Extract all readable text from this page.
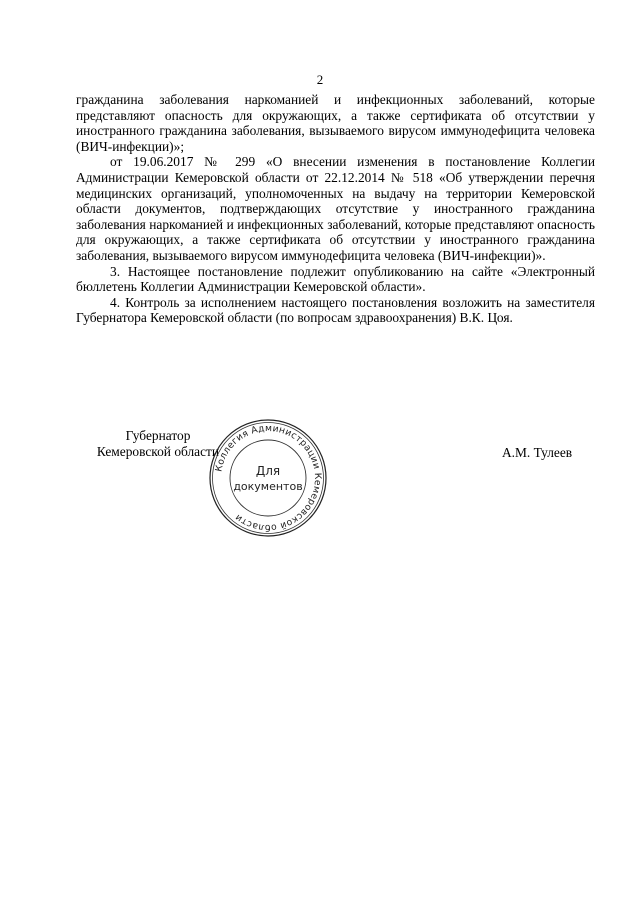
2

гражданина заболевания наркоманией и инфекционных заболеваний, которые представляют опасность для окружающих, а также сертификата об отсутствии у иностранного гражданина заболевания, вызываемого вирусом иммунодефицита человека (ВИЧ-инфекции)»;

от 19.06.2017 № 299 «О внесении изменения в постановление Коллегии Администрации Кемеровской области от 22.12.2014 № 518 «Об утверждении перечня медицинских организаций, уполномоченных на выдачу на территории Кемеровской области документов, подтверждающих отсутствие у иностранного гражданина заболевания наркоманией и инфекционных заболеваний, которые представляют опасность для окружающих, а также сертификата об отсутствии у иностранного гражданина заболевания, вызываемого вирусом иммунодефицита человека (ВИЧ-инфекции)».

3. Настоящее постановление подлежит опубликованию на сайте «Электронный бюллетень Коллегии Администрации Кемеровской области».

4. Контроль за исполнением настоящего постановления возложить на заместителя Губернатора Кемеровской области (по вопросам здравоохранения) В.К. Цоя.

Губернатор
Кемеровской области
Коллегия Администрации Кемеровской области
Для
документов
А.М. Тулеев
